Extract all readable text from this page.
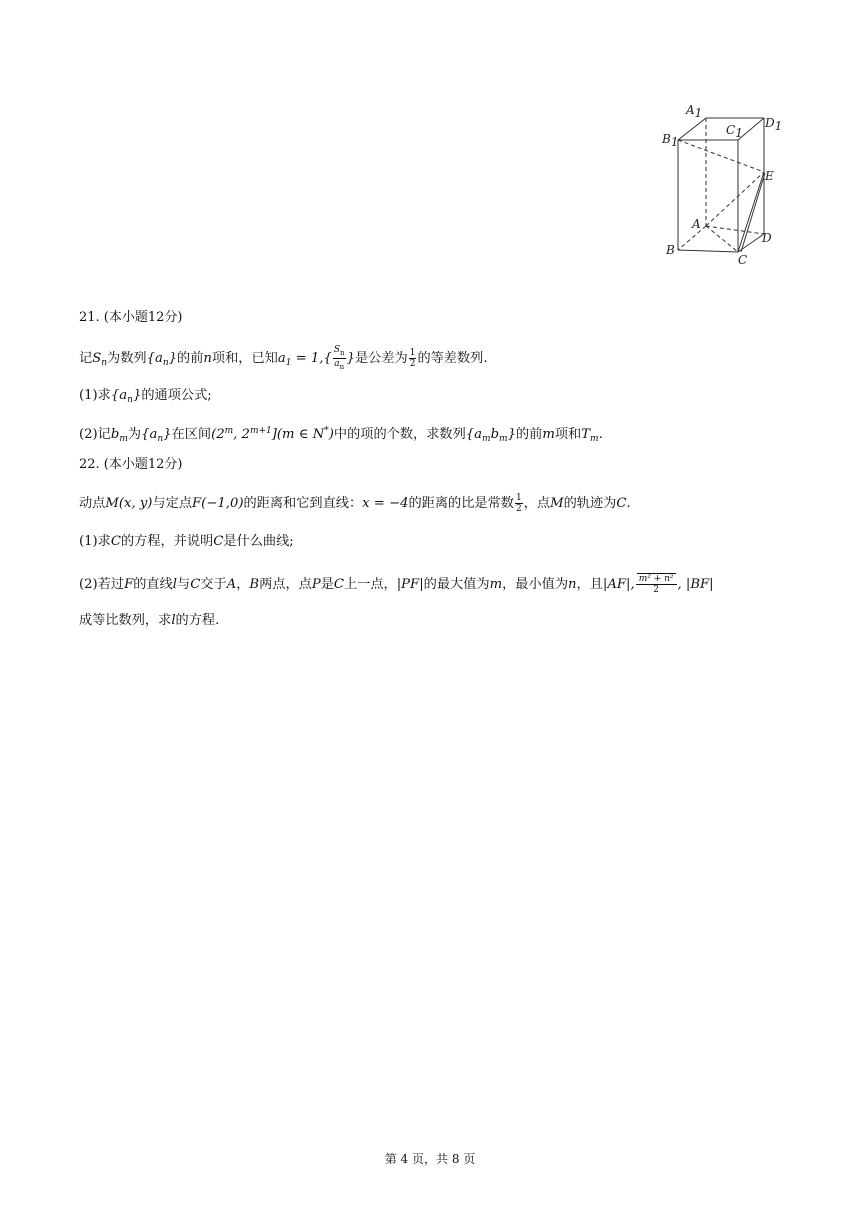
A1
C1
D1
B1
E
A
B
D
C
21. (本小题12分)
记$S_n$为数列$\{a_n\}$的前n项和，已知$a_1 = 1,\{ \frac{S_n}{a_n}$ }是公差为 $\frac{1}{2}$ 的等差数列.
(1)求$\{a_n\}$的通项公式;
(2)记$b_m$为$\{a_n\}$在区间(2$^m$, $2^{m+1}](m$ ∈ N*)中的项的个数，求数列$\{a_mb_m\}$的前m项和$T_m$.
22. (本小题12分)
动点M(x, y)与定点F(−1,0)的距离和它到直线：x = −4的距离的比是常数 $\frac{1}{2}$ ，点M的轨迹为C.
(1)求C的方程，并说明C是什么曲线;
(2)若过F的直线l与C交于A，B两点，点P是C上一点，|PF|的最大值为m，最小值为n，且|AF|, $\frac{\text{m² + n²}}{2}$ , |BF|
成等比数列，求l的方程.
第 4 页，共 8 页
